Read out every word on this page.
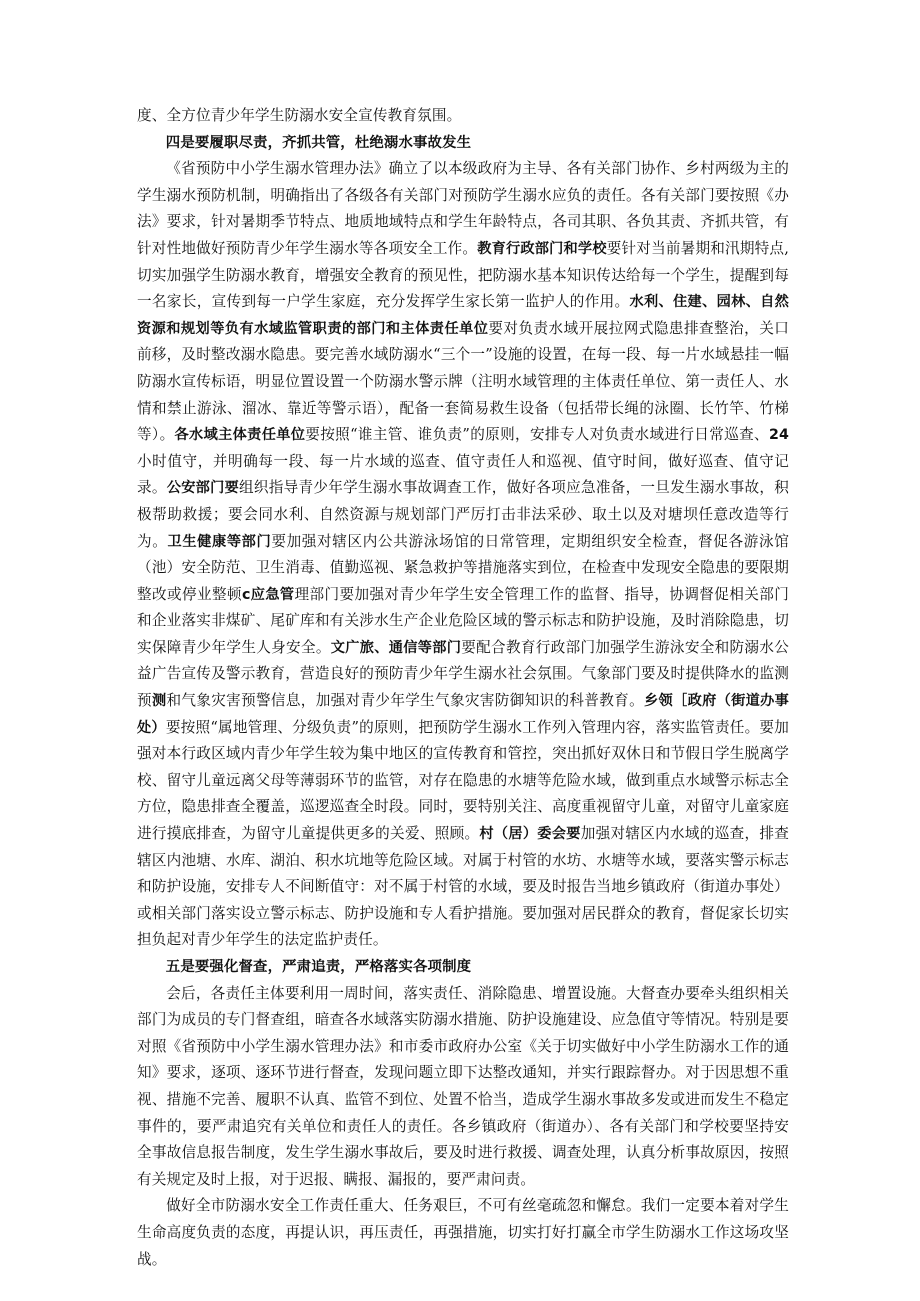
度、全方位青少年学生防溺水安全宣传教育氛围。

四是要履职尽责，齐抓共管，杜绝溺水事故发生

《省预防中小学生溺水管理办法》确立了以本级政府为主导、各有关部门协作、乡村两级为主的学生溺水预防机制，明确指出了各级各有关部门对预防学生溺水应负的责任。各有关部门要按照《办法》要求，针对暑期季节特点、地质地域特点和学生年龄特点，各司其职、各负其责、齐抓共管，有针对性地做好预防青少年学生溺水等各项安全工作。教育行政部门和学校要针对当前暑期和汛期特点,切实加强学生防溺水教育，增强安全教育的预见性，把防溺水基本知识传达给每一个学生，提醒到每一名家长，宣传到每一户学生家庭，充分发挥学生家长第一监护人的作用。水利、住建、园林、自然资源和规划等负有水域监管职责的部门和主体责任单位要对负责水域开展拉网式隐患排查整治，关口前移，及时整改溺水隐患。要完善水域防溺水“三个一”设施的设置，在每一段、每一片水域悬挂一幅防溺水宣传标语，明显位置设置一个防溺水警示牌（注明水域管理的主体责任单位、第一责任人、水情和禁止游泳、溜冰、靠近等警示语），配备一套简易救生设备（包括带长绳的泳圈、长竹竿、竹梯等）。各水域主体责任单位要按照“谁主管、谁负责”的原则，安排专人对负责水域进行日常巡查、24小时值守，并明确每一段、每一片水域的巡查、值守责任人和巡视、值守时间，做好巡查、值守记录。公安部门要组织指导青少年学生溺水事故调查工作，做好各项应急准备，一旦发生溺水事故，积极帮助救援；要会同水利、自然资源与规划部门严厉打击非法采砂、取土以及对塘坝任意改造等行为。卫生健康等部门要加强对辖区内公共游泳场馆的日常管理，定期组织安全检查，督促各游泳馆（池）安全防范、卫生消毒、值勤巡视、紧急救护等措施落实到位，在检查中发现安全隐患的要限期整改或停业整顿c应急管理部门要加强对青少年学生安全管理工作的监督、指导，协调督促相关部门和企业落实非煤矿、尾矿库和有关涉水生产企业危险区域的警示标志和防护设施，及时消除隐患，切实保障青少年学生人身安全。文广旅、通信等部门要配合教育行政部门加强学生游泳安全和防溺水公益广告宣传及警示教育，营造良好的预防青少年学生溺水社会氛围。气象部门要及时提供降水的监测预测和气象灾害预警信息，加强对青少年学生气象灾害防御知识的科普教育。乡领［政府（街道办事处）要按照“属地管理、分级负责”的原则，把预防学生溺水工作列入管理内容，落实监管责任。要加强对本行政区域内青少年学生较为集中地区的宣传教育和管控，突出抓好双休日和节假日学生脱离学校、留守儿童远离父母等薄弱环节的监管，对存在隐患的水塘等危险水域，做到重点水域警示标志全方位，隐患排查全覆盖，巡逻巡查全时段。同时，要特别关注、高度重视留守儿童，对留守儿童家庭进行摸底排查，为留守儿童提供更多的关爱、照顾。村（居）委会要加强对辖区内水域的巡查，排查辖区内池塘、水库、湖泊、积水坑地等危险区域。对属于村管的水坊、水塘等水域，要落实警示标志和防护设施，安排专人不间断值守：对不属于村管的水域，要及时报告当地乡镇政府（街道办事处）或相关部门落实设立警示标志、防护设施和专人看护措施。要加强对居民群众的教育，督促家长切实担负起对青少年学生的法定监护责任。

五是要强化督查，严肃追责，严格落实各项制度

会后，各责任主体要利用一周时间，落实责任、消除隐患、增置设施。大督查办要牵头组织相关部门为成员的专门督查组，暗查各水域落实防溺水措施、防护设施建设、应急值守等情况。特别是要对照《省预防中小学生溺水管理办法》和市委市政府办公室《关于切实做好中小学生防溺水工作的通知》要求，逐项、逐环节进行督查，发现问题立即下达整改通知，并实行跟踪督办。对于因思想不重视、措施不完善、履职不认真、监管不到位、处置不恰当，造成学生溺水事故多发或进而发生不稳定事件的，要严肃追究有关单位和责任人的责任。各乡镇政府（街道办）、各有关部门和学校要坚持安全事故信息报告制度，发生学生溺水事故后，要及时进行救援、调查处理，认真分析事故原因，按照有关规定及时上报，对于迟报、瞒报、漏报的，要严肃问责。

做好全市防溺水安全工作责任重大、任务艰巨，不可有丝毫疏忽和懈怠。我们一定要本着对学生生命高度负责的态度，再提认识，再压责任，再强措施，切实打好打赢全市学生防溺水工作这场攻坚战。
